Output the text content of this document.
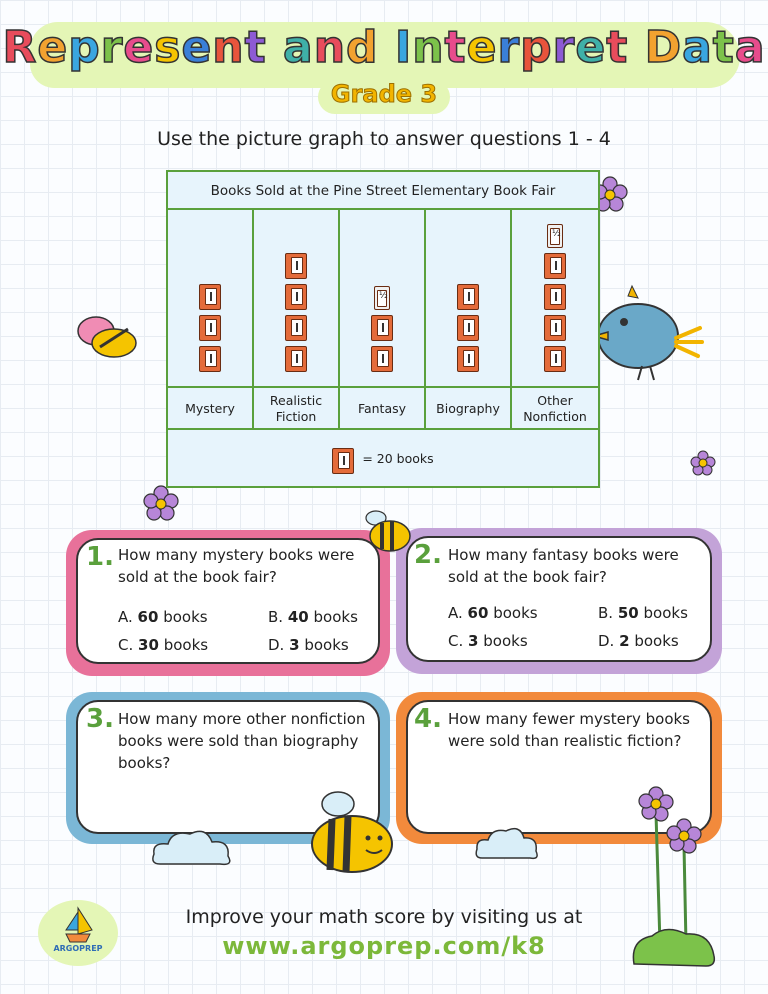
Represent and Interpret Data
Grade 3
Use the picture graph to answer questions 1 - 4
Books Sold at the Pine Street Elementary Book Fair
Mystery
Realistic
Fiction
½
Fantasy Biography
½
Other
Nonfiction
= 20 books
1. How many mystery books were
sold at the book fair?
A. 60 books	B. 40 books
C. 30 books	D. 3 books
2. How many fantasy books were
sold at the book fair?
A. 60 books	B. 50 books
C. 3 books	D. 2 books
3. How many more other nonfiction
books were sold than biography
books?
4. How many fewer mystery books
were sold than realistic fiction?
ARGOPREP
Improve your math score by visiting us at
www.argoprep.com/k8
